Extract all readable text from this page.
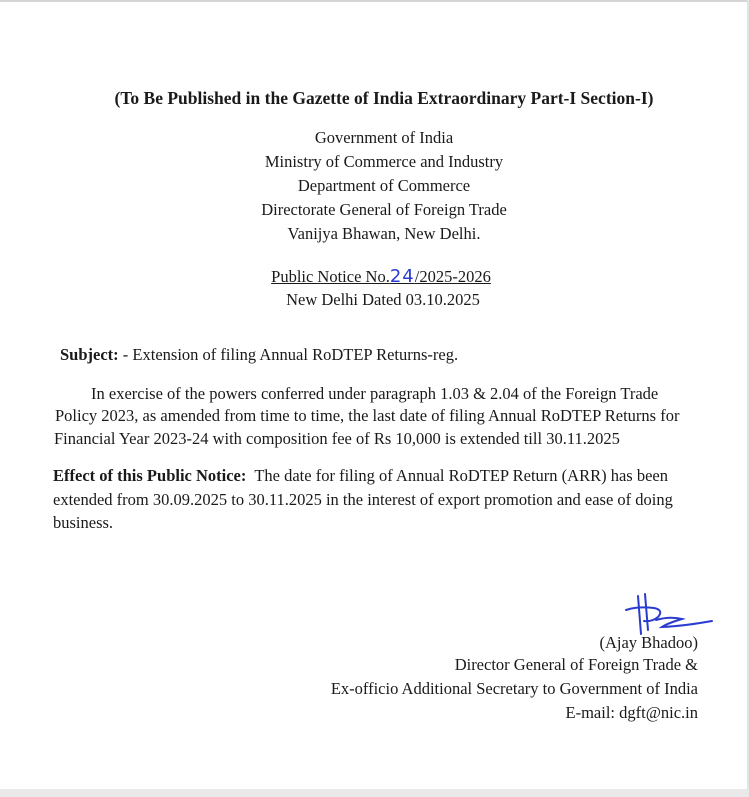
(To Be Published in the Gazette of India Extraordinary Part-I Section-I)
Government of India
Ministry of Commerce and Industry
Department of Commerce
Directorate General of Foreign Trade
Vanijya Bhawan, New Delhi.
Public Notice No.24/2025-2026
New Delhi Dated 03.10.2025
Subject: - Extension of filing Annual RoDTEP Returns-reg.
In exercise of the powers conferred under paragraph 1.03 & 2.04 of the Foreign Trade
Policy 2023, as amended from time to time, the last date of filing Annual RoDTEP Returns for
Financial Year 2023-24 with composition fee of Rs 10,000 is extended till 30.11.2025
Effect of this Public Notice:  The date for filing of Annual RoDTEP Return (ARR) has been
extended from 30.09.2025 to 30.11.2025 in the interest of export promotion and ease of doing
business.
(Ajay Bhadoo)
Director General of Foreign Trade &
Ex-officio Additional Secretary to Government of India
E-mail: dgft@nic.in
